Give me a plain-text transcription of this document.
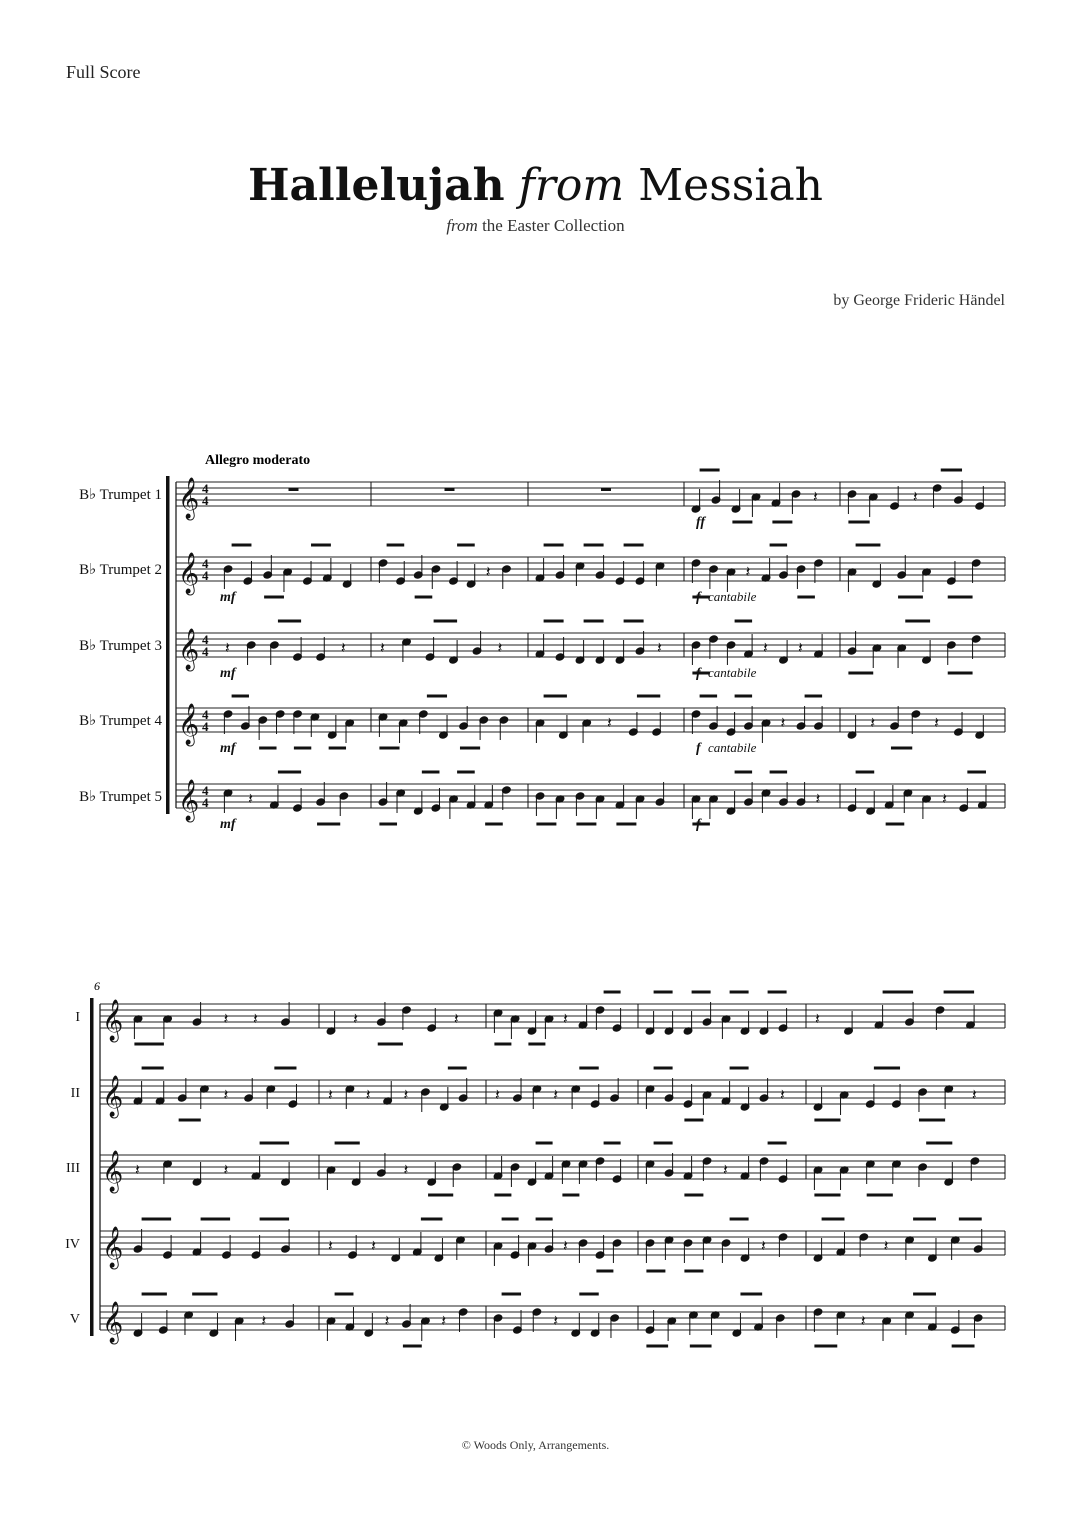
Full Score
Hallelujah from Messiah
from the Easter Collection
by George Frideric Händel
Allegro moderato
6
𝄞 4
4
B♭ Trumpet 1	𝄽	𝄽
𝄞 4
4
B♭ Trumpet 2	𝄽	𝄽
𝄞 4
4
B♭ Trumpet 3	𝄽	𝄽 𝄽	𝄽	𝄽	𝄽 𝄽
𝄞 4
4
B♭ Trumpet 4	𝄽	𝄽	𝄽	𝄽
𝄞 4
4
B♭ Trumpet 5	𝄽	𝄽	𝄽
ff
mf	f cantabile
mf	f cantabile
mf	f cantabile
mf	f
𝄞
I	𝄽 𝄽	𝄽	𝄽	𝄽	𝄽
𝄞
II	𝄽	𝄽 𝄽 𝄽	𝄽	𝄽	𝄽	𝄽
𝄞
III	𝄽	𝄽	𝄽	𝄽
𝄞
IV	𝄽 𝄽	𝄽	𝄽	𝄽
𝄞
V	𝄽	𝄽	𝄽	𝄽	𝄽
© Woods Only, Arrangements.
